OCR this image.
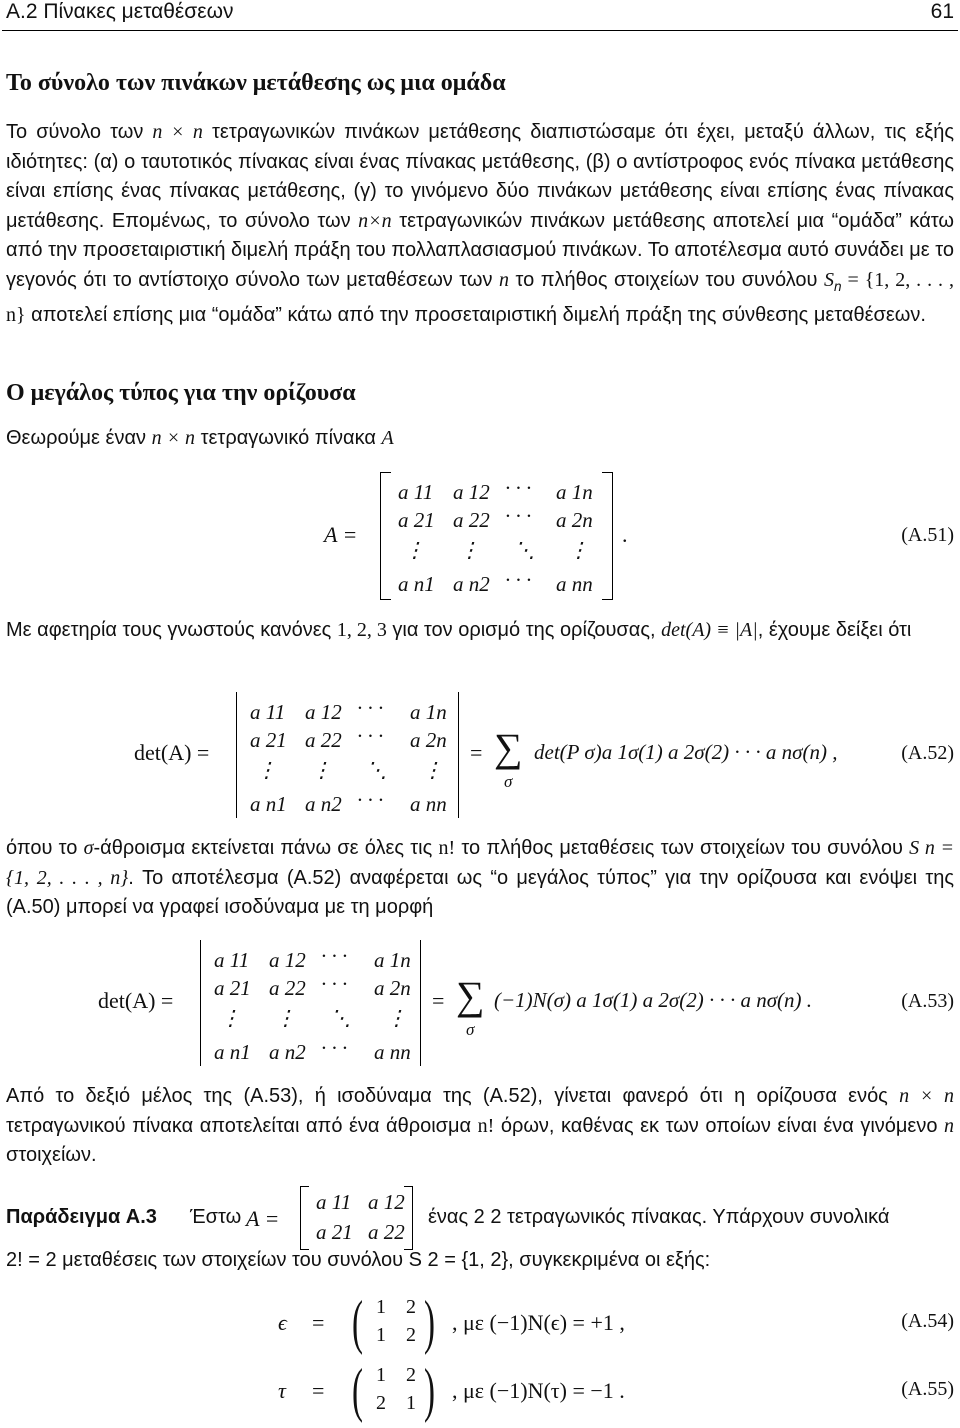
A.2 Πίνακες μεταθέσεων	61
Το σύνολο των πινάκων μετάθεσης ως μια ομάδα

Το σύνολο των n × n τετραγωνικών πινάκων μετάθεσης διαπιστώσαμε ότι έχει, μεταξύ άλλων, τις εξής ιδιότητες: (α) ο ταυτοτικός πίνακας είναι ένας πίνακας μετάθεσης, (β) ο αντίστροφος ενός πίνακα μετάθεσης είναι επίσης ένας πίνακας μετάθεσης, (γ) το γινόμενο δύο πινάκων μετάθεσης είναι επίσης ένας πίνακας μετάθεσης. Επομένως, το σύνολο των n×n τετραγωνικών πινάκων μετάθεσης αποτελεί μια “ομάδα” κάτω από την προσεταιριστική διμελή πράξη του πολλαπλασιασμού πινάκων. Το αποτέλεσμα αυτό συνάδει με το γεγονός ότι το αντίστοιχο σύνολο των μεταθέσεων των n το πλήθος στοιχείων του συνόλου $S_n = \{1$, 2, . . . , n} αποτελεί επίσης μια “ομάδα” κάτω από την προσεταιριστική διμελή πράξη της σύνθεσης μεταθέσεων.

Ο μεγάλος τύπος για την ορίζουσα

Θεωρούμε έναν n × n τετραγωνικό πίνακα A

A =
a 11 a 12 · · · a 1n
a 21 a 22 · · · a 2n
⋮ ⋮ ⋱ ⋮
a n1 a n2 · · · a nn
.	(A.51)

Με αφετηρία τους γνωστούς κανόνες 1, 2, 3 για τον ορισμό της ορίζουσας, det(A) ≡ |A|, έχουμε δείξει ότι

det(A) =
a 11 a 12 · · · a 1n
a 21 a 22 · · · a 2n
⋮ ⋮ ⋱ ⋮
a n1 a n2 · · · a nn
= ∑
σ
det(P σ)a 1σ(1) a 2σ(2) · · · a nσ(n) ,	(A.52)

όπου το σ-άθροισμα εκτείνεται πάνω σε όλες τις n! το πλήθος μεταθέσεις των στοιχείων του συνόλου S n = {1, 2, . . . , n}. Το αποτέλεσμα (A.52) αναφέρεται ως “ο μεγάλος τύπος” για την ορίζουσα και ενόψει της (A.50) μπορεί να γραφεί ισοδύναμα με τη μορφή

det(A) =
a 11 a 12 · · · a 1n
a 21 a 22 · · · a 2n
⋮ ⋮ ⋱ ⋮
a n1 a n2 · · · a nn
= ∑
σ
(−1)N(σ) a 1σ(1) a 2σ(2) · · · a nσ(n) .	(A.53)

Από το δεξιό μέλος της (A.53), ή ισοδύναμα της (A.52), γίνεται φανερό ότι η ορίζουσα ενός n × n τετραγωνικού πίνακα αποτελείται από ένα άθροισμα n! όρων, καθένας εκ των οποίων είναι ένα γινόμενο n στοιχείων.

Παράδειγμα A.3 Έστω A =
a 11 a 12
a 21 a 22
ένας 2 2 τετραγωνικός πίνακας. Υπάρχουν συνολικά
2! = 2 μεταθέσεις των στοιχείων του συνόλου S 2 = {1, 2}, συγκεκριμένα οι εξής:
ϵ = ( )
1 2
1 2 , με (−1)N(ϵ) = +1 ,	(A.54)
τ = ( )
1 2
2 1 , με (−1)N(τ) = −1 .	(A.55)
